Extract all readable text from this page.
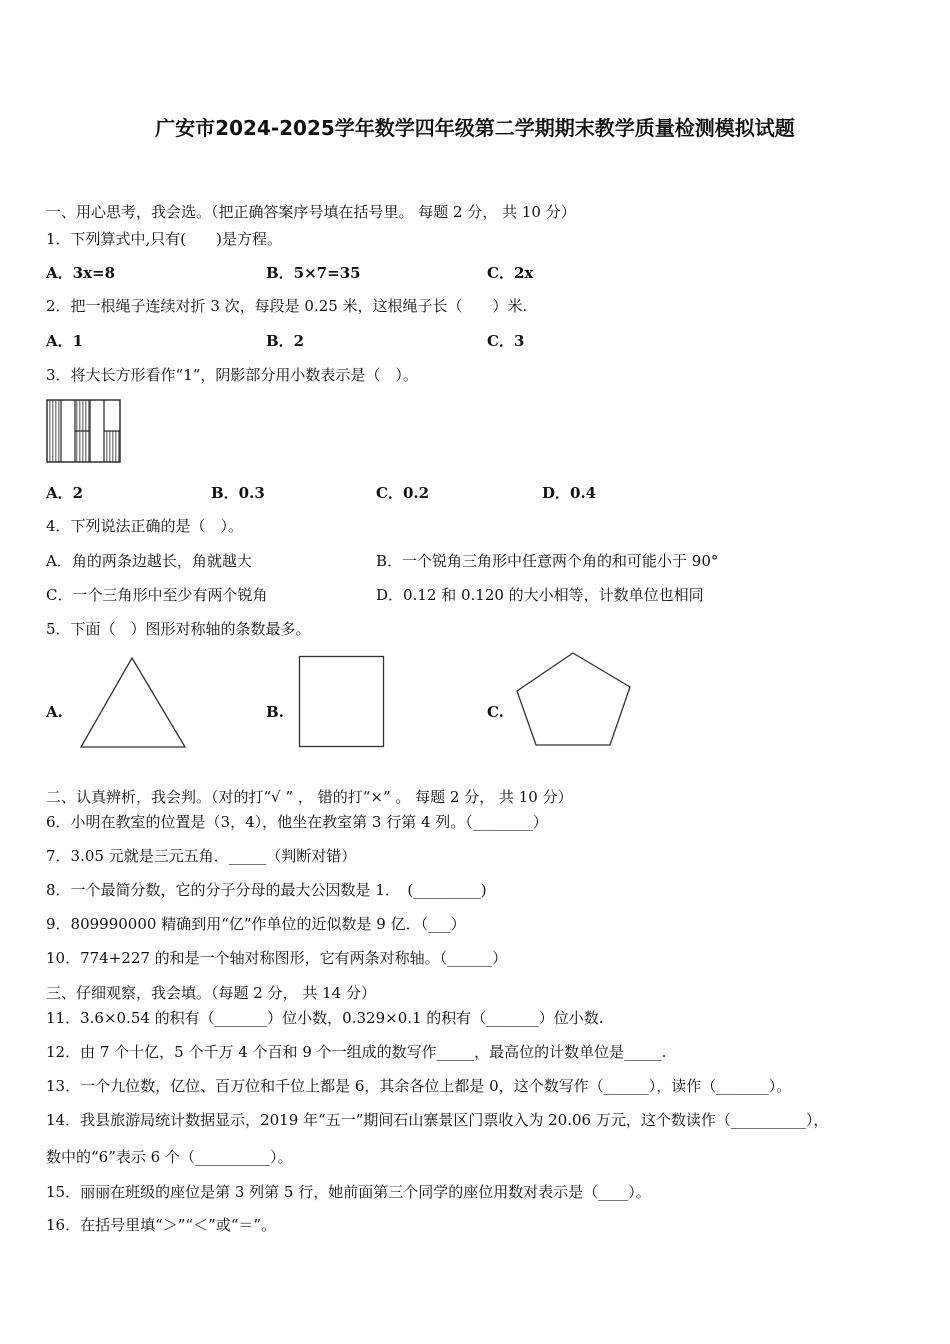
广安市2024-2025学年数学四年级第二学期期末教学质量检测模拟试题
一、用心思考，我会选。（把正确答案序号填在括号里。 每题 2 分， 共 10 分）
1．下列算式中,只有(　　)是方程。
A．3x=8	B．5×7=35	C．2x
2．把一根绳子连续对折 3 次，每段是 0.25 米，这根绳子长（　　）米.
A．1	B．2	C．3
3．将大长方形看作“1”，阴影部分用小数表示是（　）。
A．2	B．0.3	C．0.2	D．0.4
4．下列说法正确的是（　）。
A．角的两条边越长，角就越大	B．一个锐角三角形中任意两个角的和可能小于 90°
C．一个三角形中至少有两个锐角	D．0.12 和 0.120 的大小相等，计数单位也相同
5．下面（　）图形对称轴的条数最多。
A.	B.	C.
二、认真辨析，我会判。（对的打“√ ” ， 错的打“×” 。 每题 2 分， 共 10 分）
6．小明在教室的位置是（3，4），他坐在教室第 3 行第 4 列。（________）
7．3.05 元就是三元五角．_____（判断对错）
8．一个最简分数，它的分子分母的最大公因数是 1．　(_________)
9．809990000 精确到用“亿”作单位的近似数是 9 亿．（___）
10．774+227 的和是一个轴对称图形，它有两条对称轴。（______）
三、仔细观察，我会填。（每题 2 分， 共 14 分）
11．3.6×0.54 的积有（_______）位小数，0.329×0.1 的积有（_______）位小数.
12．由 7 个十亿，5 个千万 4 个百和 9 个一组成的数写作_____，最高位的计数单位是_____.
13．一个九位数，亿位、百万位和千位上都是 6，其余各位上都是 0，这个数写作（______），读作（_______）。
14．我县旅游局统计数据显示，2019 年“五一”期间石山寨景区门票收入为 20.06 万元，这个数读作（__________），
数中的“6”表示 6 个（__________）。
15．丽丽在班级的座位是第 3 列第 5 行，她前面第三个同学的座位用数对表示是（____）。
16．在括号里填“＞”“＜”或“＝”。
